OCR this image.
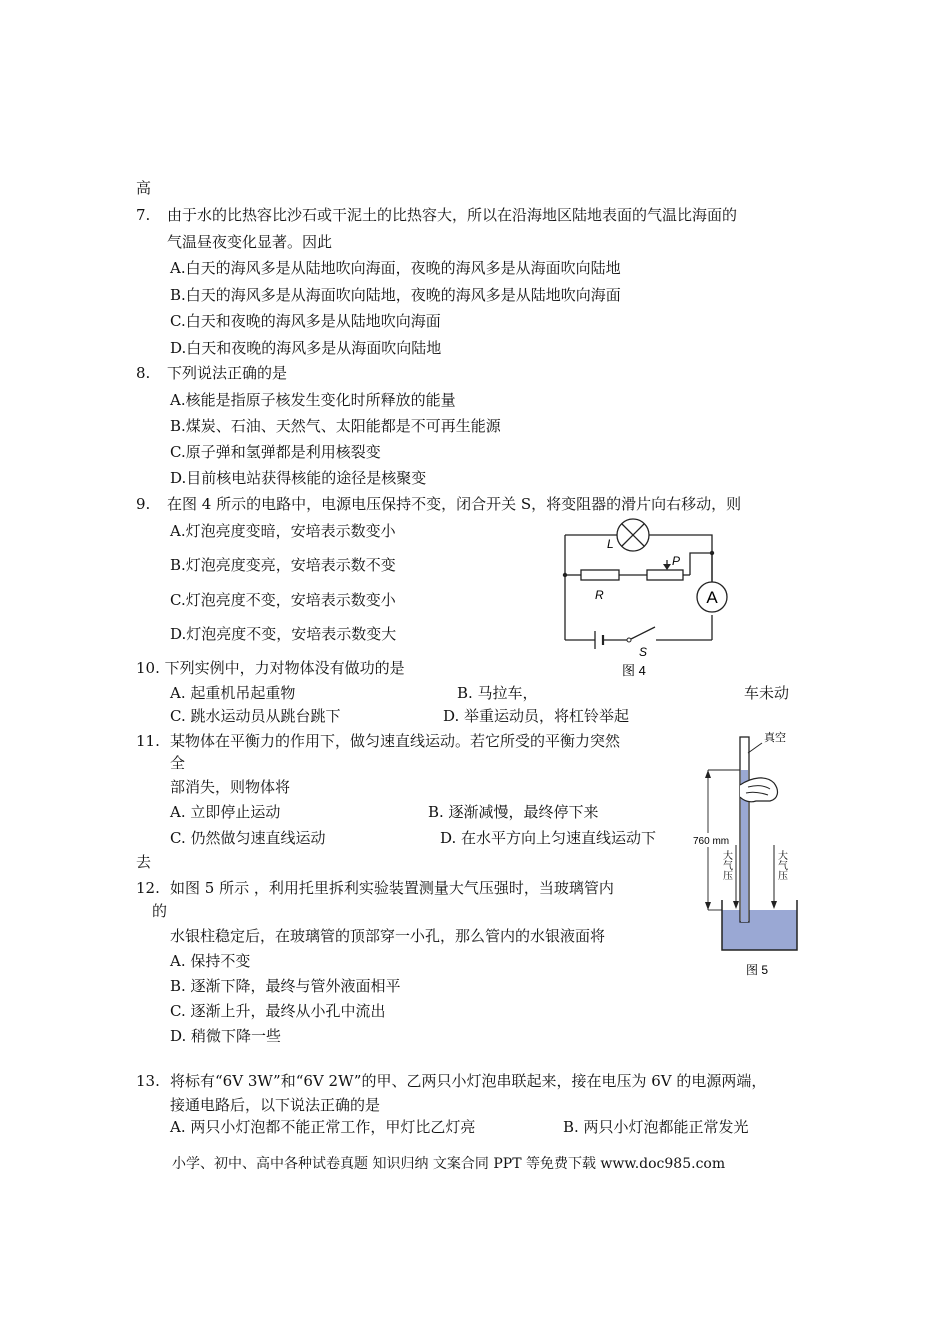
高
7. 由于水的比热容比沙石或干泥土的比热容大，所以在沿海地区陆地表面的气温比海面的
气温昼夜变化显著。因此
A.白天的海风多是从陆地吹向海面，夜晚的海风多是从海面吹向陆地
B.白天的海风多是从海面吹向陆地，夜晚的海风多是从陆地吹向海面
C.白天和夜晚的海风多是从陆地吹向海面
D.白天和夜晚的海风多是从海面吹向陆地
8. 下列说法正确的是
A.核能是指原子核发生变化时所释放的能量
B.煤炭、石油、天然气、太阳能都是不可再生能源
C.原子弹和氢弹都是利用核裂变
D.目前核电站获得核能的途径是核聚变
9. 在图 4 所示的电路中，电源电压保持不变，闭合开关 S，将变阻器的滑片向右移动，则
A.灯泡亮度变暗，安培表示数变小
B.灯泡亮度变亮，安培表示数不变
C.灯泡亮度不变，安培表示数变小
D.灯泡亮度不变，安培表示数变大
L
P
R	A
S
图 4
10. 下列实例中，力对物体没有做功的是
A. 起重机吊起重物	B. 马拉车，	车未动
C. 跳水运动员从跳台跳下	D. 举重运动员，将杠铃举起
11. 某物体在平衡力的作用下，做匀速直线运动。若它所受的平衡力突然
全
部消失，则物体将
A. 立即停止运动	B. 逐渐减慢，最终停下来
C. 仍然做匀速直线运动	D. 在水平方向上匀速直线运动下
去
真空
760 mm
大气压	大气压
图 5
12. 如图 5 所示 ，利用托里拆利实验装置测量大气压强时，当玻璃管内
的
水银柱稳定后，在玻璃管的顶部穿一小孔，那么管内的水银液面将
A. 保持不变
B. 逐渐下降，最终与管外液面相平
C. 逐渐上升，最终从小孔中流出
D. 稍微下降一些
13. 将标有“6V 3W”和“6V 2W”的甲、乙两只小灯泡串联起来，接在电压为 6V 的电源两端，
接通电路后，以下说法正确的是
A. 两只小灯泡都不能正常工作，甲灯比乙灯亮	B. 两只小灯泡都能正常发光
小学、初中、高中各种试卷真题 知识归纳 文案合同 PPT 等免费下载 www.doc985.com
